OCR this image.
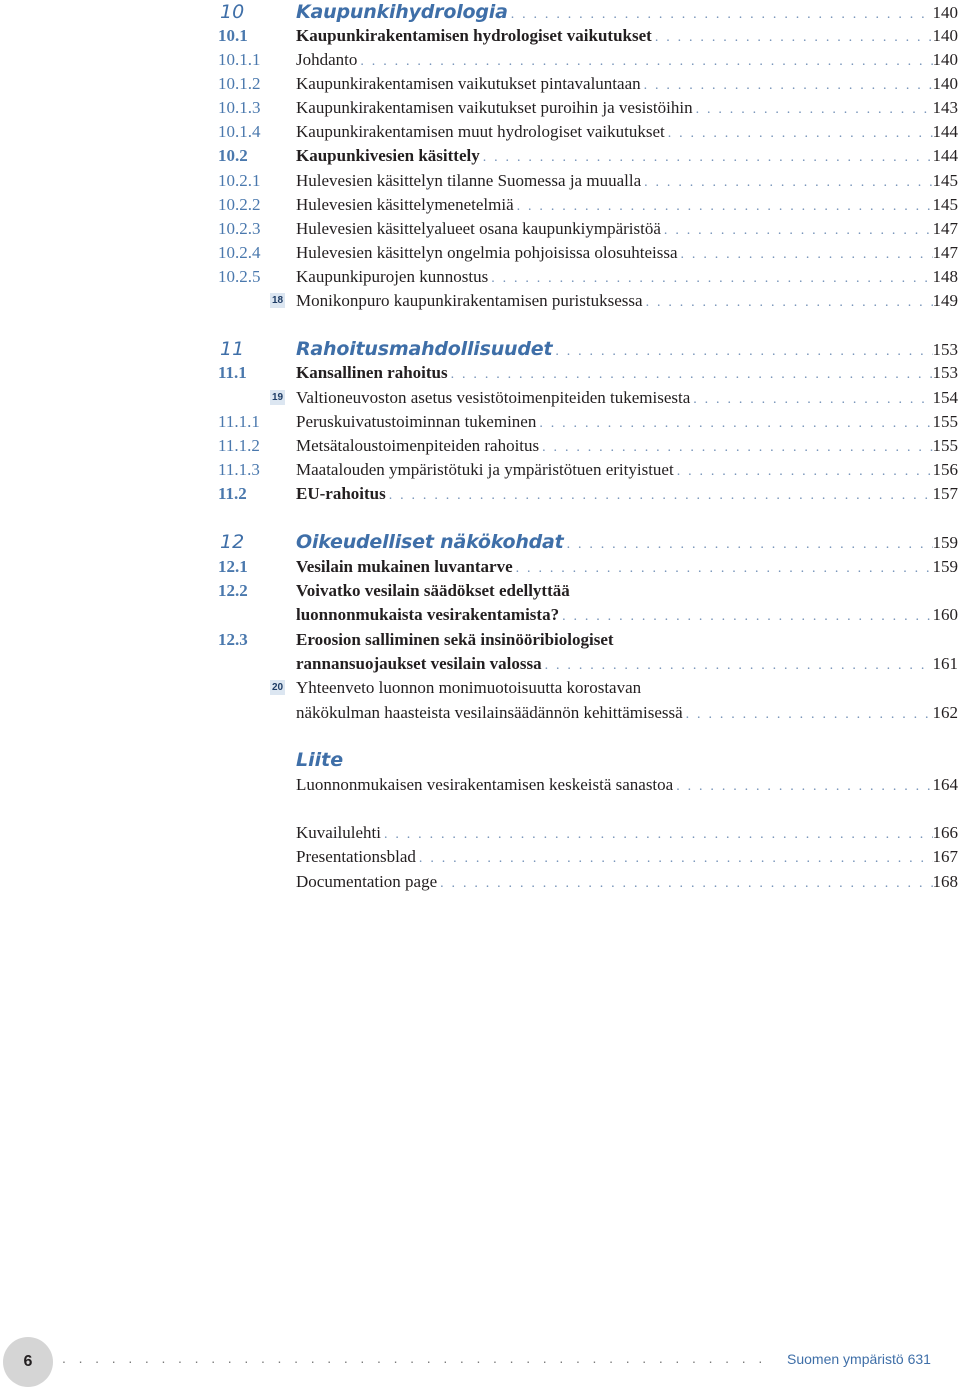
10	Kaupunkihydrologia . . .	140
10.1	Kaupunkirakentamisen hydrologiset vaikutukset . . .	140
10.1.1 Johdanto . . .	140
10.1.2 Kaupunkirakentamisen vaikutukset pintavaluntaan . . .	140
10.1.3 Kaupunkirakentamisen vaikutukset puroihin ja vesistöihin . . .	143
10.1.4 Kaupunkirakentamisen muut hydrologiset vaikutukset . . .	144
10.2	Kaupunkivesien käsittely . . .	144
10.2.1 Hulevesien käsittelyn tilanne Suomessa ja muualla . . .	145
10.2.2 Hulevesien käsittelymenetelmiä . . .	145
10.2.3 Hulevesien käsittelyalueet osana kaupunkiympäristöä . . .	147
10.2.4 Hulevesien käsittelyn ongelmia pohjoisissa olosuhteissa . . .	147
10.2.5 Kaupunkipurojen kunnostus . . .	148
18 Monikonpuro kaupunkirakentamisen puristuksessa . . .	149
11	Rahoitusmahdollisuudet . . .	153
11.1	Kansallinen rahoitus . . .	153
19 Valtioneuvoston asetus vesistötoimenpiteiden tukemisesta . . .	154
11.1.1 Peruskuivatustoiminnan tukeminen . . .	155
11.1.2 Metsätaloustoimenpiteiden rahoitus . . .	155
11.1.3 Maatalouden ympäristötuki ja ympäristötuen erityistuet . . .	156
11.2	EU-rahoitus . . .	157
12	Oikeudelliset näkökohdat . . .	159
12.1	Vesilain mukainen luvantarve . . .	159
12.2	Voivatko vesilain säädökset edellyttää
luonnonmukaista vesirakentamista? . . .	160
12.3	Eroosion salliminen sekä insinööribiologiset
rannansuojaukset vesilain valossa . . .	161
20 Yhteenveto luonnon monimuotoisuutta korostavan
näkökulman haasteista vesilainsäädännön kehittämisessä . . .	162
Liite
Luonnonmukaisen vesirakentamisen keskeistä sanastoa . . .	164
Kuvailulehti . . .	166
Presentationsblad . . .	167
Documentation page . . .	168
6 . . .	Suomen ympäristö 631
